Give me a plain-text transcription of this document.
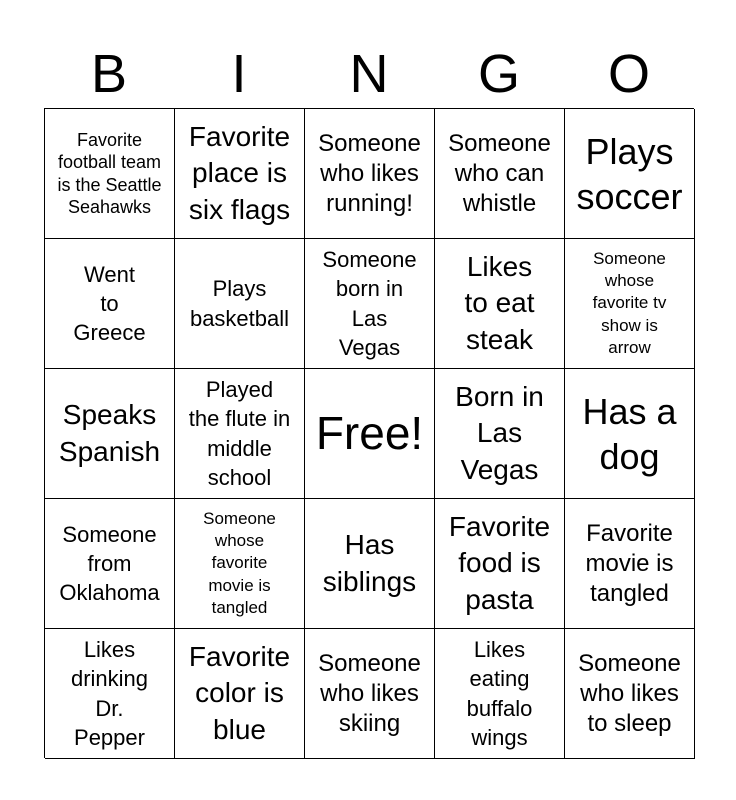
B	I	N	G	O
Favorite
football team
is the Seattle
Seahawks
Favorite
place is
six flags
Someone
who likes
running!
Someone
who can
whistle
Plays
soccer
Went
to
Greece
Plays
basketball
Someone
born in
Las
Vegas
Likes
to eat
steak
Someone
whose
favorite tv
show is
arrow
Speaks
Spanish
Played
the flute in
middle
school
Free!
Born in
Las
Vegas
Has a
dog
Someone
from
Oklahoma
Someone
whose
favorite
movie is
tangled
Has
siblings
Favorite
food is
pasta
Favorite
movie is
tangled
Likes
drinking
Dr.
Pepper
Favorite
color is
blue
Someone
who likes
skiing
Likes
eating
buffalo
wings
Someone
who likes
to sleep
